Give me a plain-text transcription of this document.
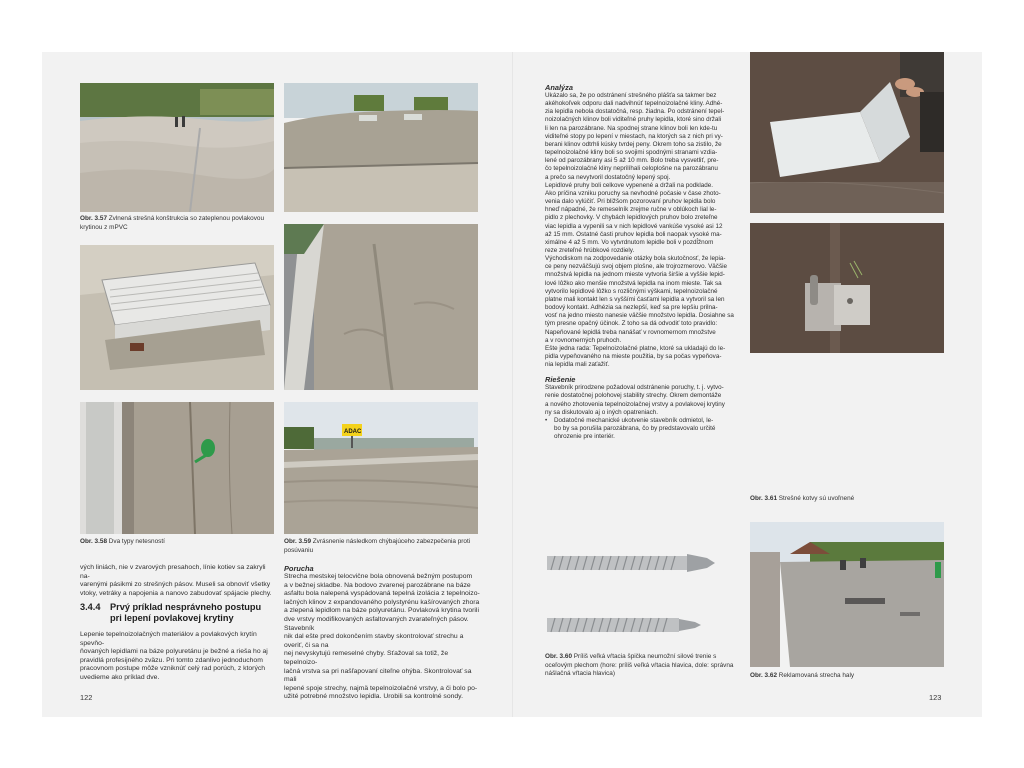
Obr. 3.57 Zvlnená strešná konštrukcia so zateplenou povlakovou krytinou z mPVC
Obr. 3.58 Dva typy netesností
ADAC
Obr. 3.59 Zvrásnenie následkom chýbajúceho zabezpečenia proti posúvaniu

vých liniách, nie v zvarových presahoch, línie kotiev sa zakryli na-

varenými pásikmi zo strešných pásov. Museli sa obnoviť všetky

vtoky, vetráky a napojenia a nanovo zabudovať spájacie plechy.

3.4.4 Prvý príklad nesprávneho postupu
pri lepení povlakovej krytiny

Lepenie tepelnoizolačných materiálov a povlakových krytín spevňo-

ňovaných lepidlami na báze polyuretánu je bežné a rieša ho aj

pravidlá profesijného zväzu. Pri tomto zdanlivo jednoduchom

pracovnom postupe môže vzniknúť celý rad porúch, z ktorých

uvedieme ako príklad dve.

Porucha

Strecha mestskej telocvične bola obnovená bežným postupom

a v bežnej skladbe. Na bodovo zvarenej parozábrane na báze

asfaltu bola nalepená vyspádovaná tepelná izolácia z tepelnoizo-

lačných klinov z expandovaného polystyrénu kašírovaných zhora

a zlepená lepidlom na báze polyuretánu. Povlaková krytina tvorili

dve vrstvy modifikovaných asfaltovaných zvarateľných pásov. Stavebník

nik dal ešte pred dokončením stavby skontrolovať strechu a overiť, či sa na

nej nevyskytujú remeselné chyby. Sťažoval sa totiž, že tepelnoizo-

lačná vrstva sa pri našľapovaní citeľne ohýba. Skontrolovať sa mali

lepené spoje strechy, najmä tepelnoizolačné vrstvy, a či bolo po-

užité potrebné množstvo lepidla. Urobili sa kontrolné sondy.

122

Analýza

Ukázalo sa, že po odstránení strešného plášťa sa takmer bez

akéhokoľvek odporu dali nadvihnúť tepelnoizolačné kliny. Adhé-

zia lepidla nebola dostatočná, resp. žiadna. Po odstránení tepel-

noizolačných klinov boli viditeľné pruhy lepidla, ktoré sino držali

li len na parozábrane. Na spodnej strane klinov boli len kde-tu

viditeľné stopy po lepení v miestach, na ktorých sa z nich pri vy-

berani klinov odtrhli kúsky tvrdej peny. Okrem toho sa zistilo, že

tepelnoizolačné kliny boli so svojimi spodnými stranami vzdia-

lené od parozábrany asi 5 až 10 mm. Bolo treba vysvetliť, pre-

čo tepelnoizolačné kliny neprilíhali celoplošne na parozábranu

a prečo sa nevytvoril dostatočný lepený spoj.

Lepidlové pruhy boli celkove vypenené a držali na podklade.

Ako príčina vzniku poruchy sa nevhodné počasie v čase zhoto-

venia dalo vylúčiť. Pri bližšom pozorovaní pruhov lepidla bolo

hneď nápadné, že remeselník zrejme ručne v oblúkoch lial le-

pidlo z plechovky. V chybách lepidlových pruhov bolo zreteľne

viac lepidla a vypenili sa v nich lepidlové vankúše vysoké asi 12

až 15 mm. Ostatné časti pruhov lepidla boli naopak vysoké ma-

ximálne 4 až 5 mm. Vo vytvrdnutom lepidle boli v pozdĺžnom

reze zreteľné hrúbkové rozdiely.

Východiskom na zodpovedanie otázky bola skutočnosť, že lepia-

ce peny nezväčšujú svoj objem plošne, ale trojrozmerovo. Väčšie

množstvá lepidla na jednom mieste vytvoria širšie a vyššie lepid-

lové lôžko ako menšie množstvá lepidla na inom mieste. Tak sa

vytvorilo lepidlové lôžko s rozličnými výškami, tepelnoizolačné

platne mali kontakt len s vyššími časťami lepidla a vytvoril sa len

bodový kontakt. Adhézia sa nezlepší, keď sa pre lepšiu prilna-

vosť na jedno miesto nanesie väčšie množstvo lepidla. Dosiahne sa

tým presne opačný účinok. Z toho sa dá odvodiť toto pravidlo:

Napeňované lepidlá treba nanášať v rovnomernom množstve

a v rovnomerných pruhoch.

Ešte jedna rada: Tepelnoizolačné platne, ktoré sa ukladajú do le-

pidla vypeňovaného na mieste použitia, by sa počas vypeňova-

nia lepidla mali zaťažiť.

Riešenie

Stavebník prirodzene požadoval odstránenie poruchy, t. j. vytvo-

renie dostatočnej polohovej stability strechy. Okrem demontáže

a nového zhotovenia tepelnoizolačnej vrstvy a povlakovej krytiny

ny sa diskutovalo aj o iných opatreniach.

•	Dodatočné mechanické ukotvenie stavebník odmietol, le-

bo by sa porušila parozábrana, čo by predstavovalo určité

ohrozenie pre interiér.

Obr. 3.61 Strešné kotvy sú uvoľnené
Obr. 3.60 Príliš veľká vŕtacia špička neumožní silové trenie s oceľovým plechom (hore: príliš veľká vŕtacia hlavica, dole: správna nášlačná vŕtacia hlavica)	Obr. 3.62 Reklamovaná strecha haly
123
